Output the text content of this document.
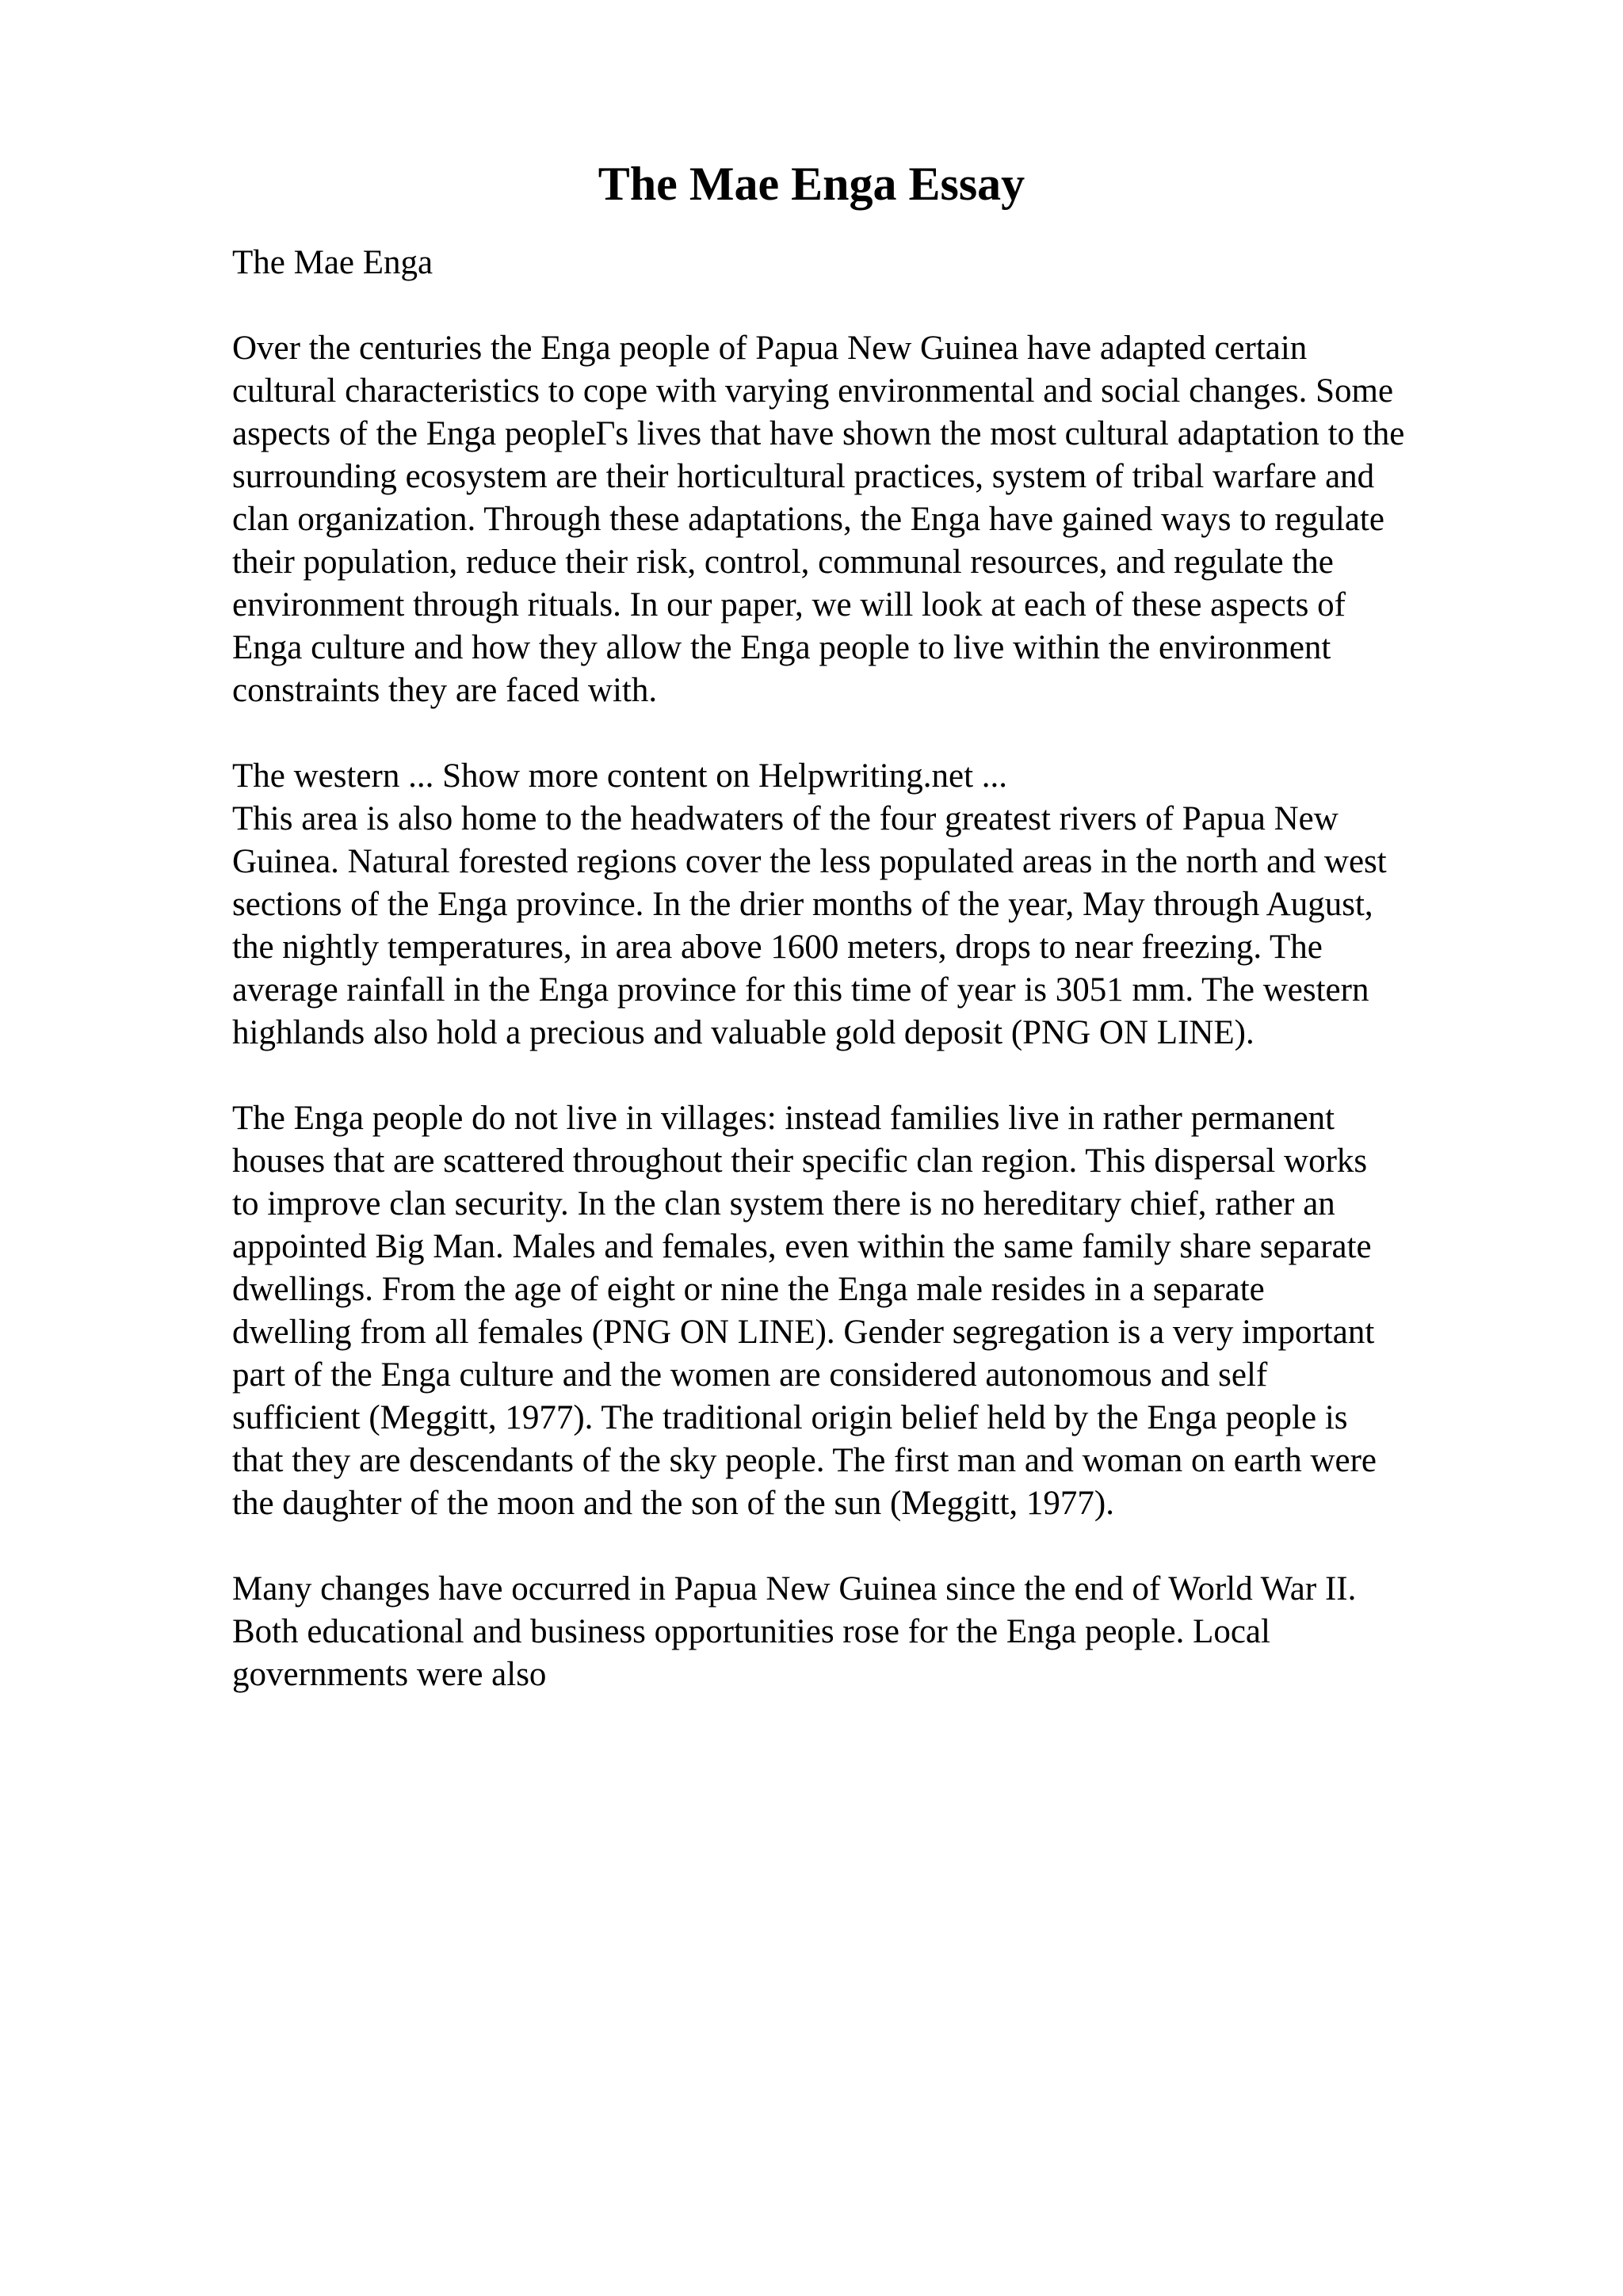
The Mae Enga Essay

The Mae Enga

Over the centuries the Enga people of Papua New Guinea have adapted certain
cultural characteristics to cope with varying environmental and social changes. Some
aspects of the Enga peopleΓs lives that have shown the most cultural adaptation to the
surrounding ecosystem are their horticultural practices, system of tribal warfare and
clan organization. Through these adaptations, the Enga have gained ways to regulate
their population, reduce their risk, control, communal resources, and regulate the
environment through rituals. In our paper, we will look at each of these aspects of
Enga culture and how they allow the Enga people to live within the environment
constraints they are faced with.

The western ... Show more content on Helpwriting.net ...
This area is also home to the headwaters of the four greatest rivers of Papua New
Guinea. Natural forested regions cover the less populated areas in the north and west
sections of the Enga province. In the drier months of the year, May through August,
the nightly temperatures, in area above 1600 meters, drops to near freezing. The
average rainfall in the Enga province for this time of year is 3051 mm. The western
highlands also hold a precious and valuable gold deposit (PNG ON LINE).

The Enga people do not live in villages: instead families live in rather permanent
houses that are scattered throughout their specific clan region. This dispersal works
to improve clan security. In the clan system there is no hereditary chief, rather an
appointed Big Man. Males and females, even within the same family share separate
dwellings. From the age of eight or nine the Enga male resides in a separate
dwelling from all females (PNG ON LINE). Gender segregation is a very important
part of the Enga culture and the women are considered autonomous and self
sufficient (Meggitt, 1977). The traditional origin belief held by the Enga people is
that they are descendants of the sky people. The first man and woman on earth were
the daughter of the moon and the son of the sun (Meggitt, 1977).

Many changes have occurred in Papua New Guinea since the end of World War II.
Both educational and business opportunities rose for the Enga people. Local
governments were also
